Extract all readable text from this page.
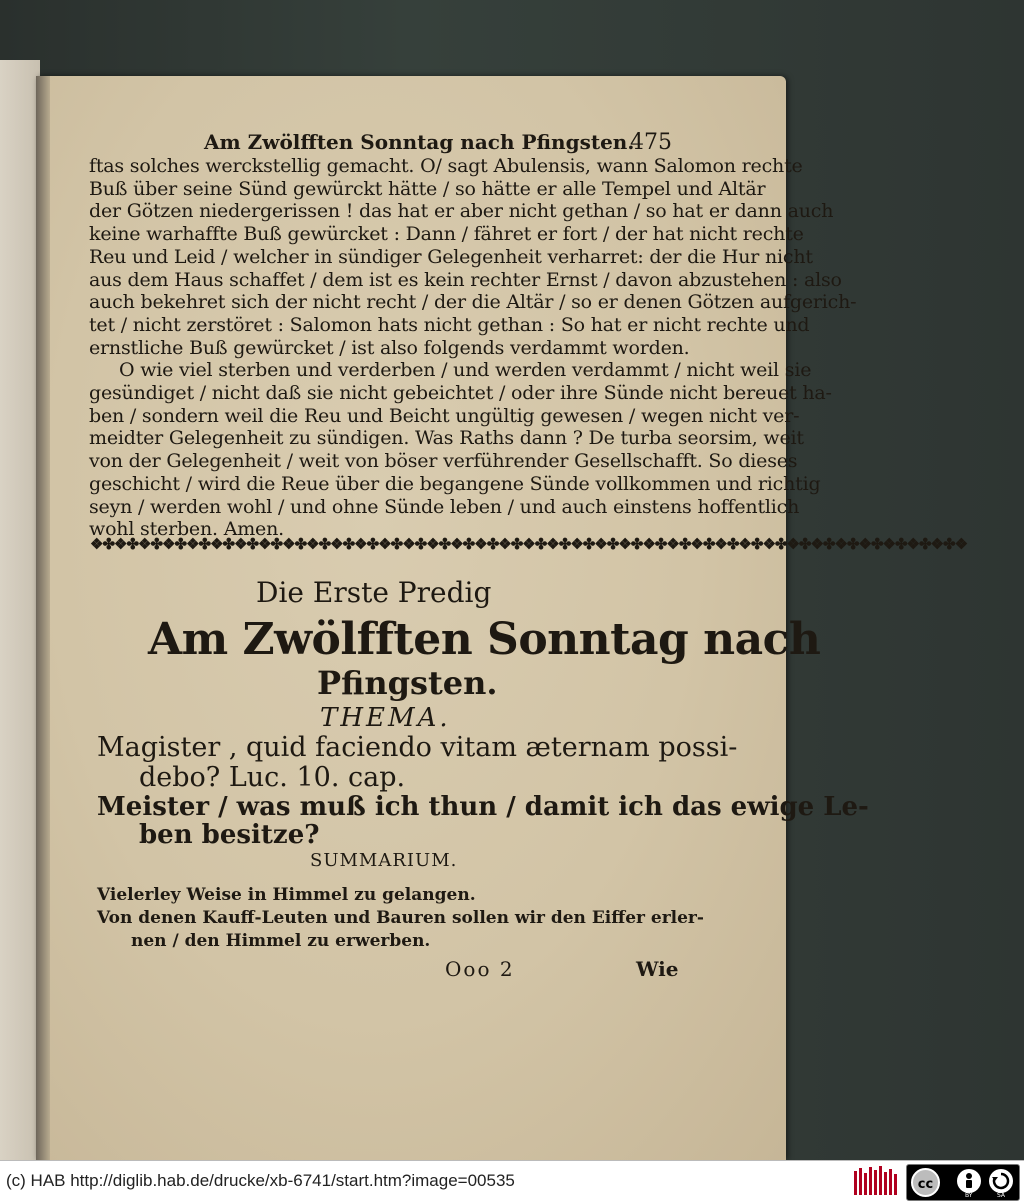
Am Zwölfften Sonntag nach Pfingsten.
475
ftas solches werckstellig gemacht. O/ sagt Abulensis, wann Salomon rechte
Buß über seine Sünd gewürckt hätte / so hätte er alle Tempel und Altär
der Götzen niedergerissen ! das hat er aber nicht gethan / so hat er dann auch
keine warhaffte Buß gewürcket : Dann / fähret er fort / der hat nicht rechte
Reu und Leid / welcher in sündiger Gelegenheit verharret: der die Hur nicht
aus dem Haus schaffet / dem ist es kein rechter Ernst / davon abzustehen : also
auch bekehret sich der nicht recht / der die Altär / so er denen Götzen aufgerich-
tet / nicht zerstöret : Salomon hats nicht gethan : So hat er nicht rechte und
ernstliche Buß gewürcket / ist also folgends verdammt worden.
O wie viel sterben und verderben / und werden verdammt / nicht weil sie
gesündiget / nicht daß sie nicht gebeichtet / oder ihre Sünde nicht bereuet ha-
ben / sondern weil die Reu und Beicht ungültig gewesen / wegen nicht ver-
meidter Gelegenheit zu sündigen. Was Raths dann ? De turba seorsim, weit
von der Gelegenheit / weit von böser verführender Gesellschafft. So dieses
geschicht / wird die Reue über die begangene Sünde vollkommen und richtig
seyn / werden wohl / und ohne Sünde leben / und auch einstens hoffentlich
wohl sterben. Amen.
❖✤❖✤❖✤❖✤❖✤❖✤❖✤❖✤❖✤❖✤❖✤❖✤❖✤❖✤❖✤❖✤❖✤❖✤❖✤❖✤❖✤❖✤❖✤❖✤❖✤❖✤❖✤❖✤❖✤❖✤❖✤❖✤❖✤❖✤❖✤❖✤❖
Die Erste Predig
Am Zwölfften Sonntag nach
Pfingsten.
THEMA.
Magister , quid faciendo vitam æternam possi-
debo? Luc. 10. cap.
Meister / was muß ich thun / damit ich das ewige Le-
ben besitze?
SUMMARIUM.
Vielerley Weise in Himmel zu gelangen.
Von denen Kauff-Leuten und Bauren sollen wir den Eiffer erler-
nen / den Himmel zu erwerben.
Ooo 2	Wie
(c) HAB http://diglib.hab.de/drucke/xb-6741/start.htm?image=00535	cc
BY	SA
